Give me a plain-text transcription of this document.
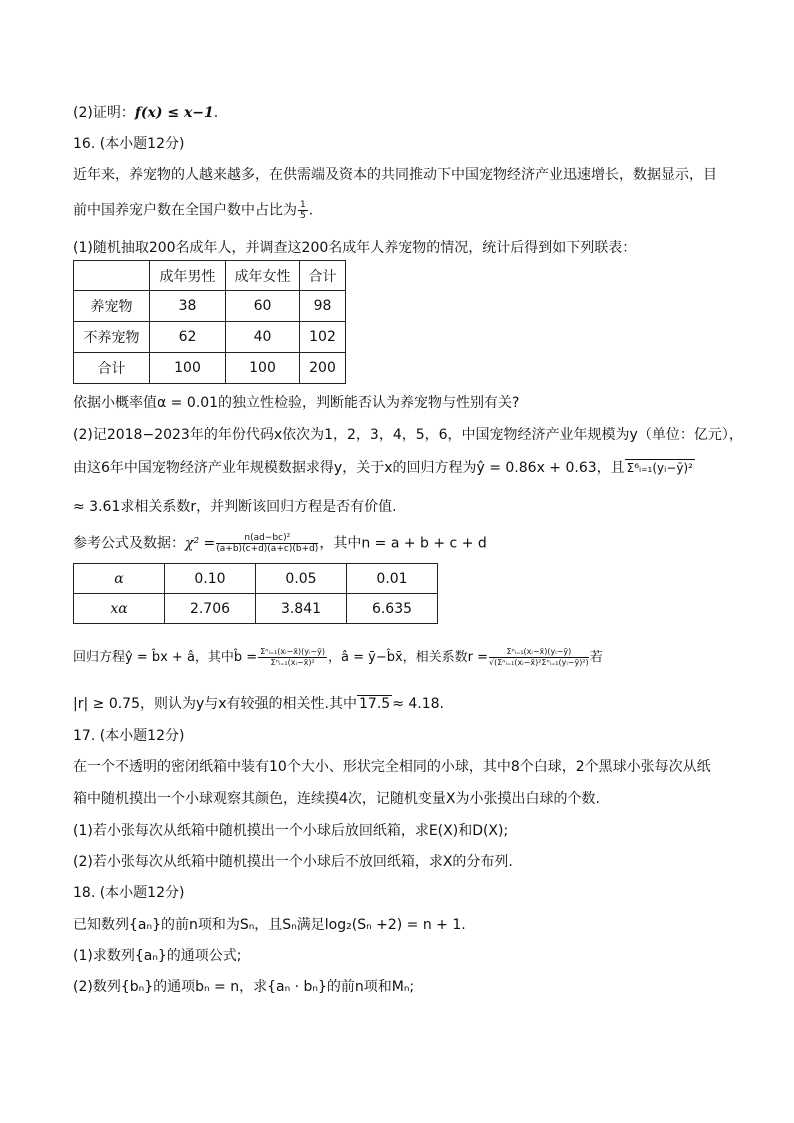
(2)证明：f(x) ≤ x−1.
16. (本小题12分)
近年来，养宠物的人越来越多，在供需端及资本的共同推动下中国宠物经济产业迅速增长，数据显示，目
前中国养宠户数在全国户数中占比为 $\frac{1}{5}$ .
(1)随机抽取200名成年人，并调查这200名成年人养宠物的情况，统计后得到如下列联表：
	成年男性	成年女性	合计
养宠物	38	60	98
不养宠物	62	40	102
合计	100	100	200
依据小概率值α = 0.01的独立性检验，判断能否认为养宠物与性别有关?
(2)记2018−2023年的年份代码x依次为1，2，3，4，5，6，中国宠物经济产业年规模为y（单位：亿元），
由这6年中国宠物经济产业年规模数据求得y，关于x的回归方程为ŷ = 0.86x + 0.63，且 Σ⁶ᵢ₌₁(yᵢ−ȳ)²
≈ 3.61求相关系数r，并判断该回归方程是否有价值.
参考公式及数据：$\chi^2 = \frac{\text{n(ad−bc)²}}{(a+b)(c+d)(a+c)(b+d)}$ ，其中n = a + b + c + d
α	0.10	0.05	0.01
xα	2.706	3.841	6.635
回归方程ŷ = b̂x + â，其中b̂ = $\frac{\text{Σⁿᵢ₌₁(xᵢ−x̄)(yᵢ−ȳ)}}{\text{Σⁿᵢ₌₁(xᵢ−x̄)²}}$ ，â = ȳ−b̂x̄，相关系数$r = \frac{\text{Σⁿᵢ₌₁(xᵢ−x̄)(yᵢ−ȳ)}}{\text{√(Σⁿᵢ₌₁(xᵢ−x̄)²Σⁿᵢ₌₁(yᵢ−ȳ)²)}}$ 若
|r| ≥ 0.75，则认为y与x有较强的相关性.其中 17.5 ≈ 4.18.
17. (本小题12分)
在一个不透明的密闭纸箱中装有10个大小、形状完全相同的小球，其中8个白球，2个黑球小张每次从纸
箱中随机摸出一个小球观察其颜色，连续摸4次，记随机变量X为小张摸出白球的个数.
(1)若小张每次从纸箱中随机摸出一个小球后放回纸箱，求E(X)和D(X);
(2)若小张每次从纸箱中随机摸出一个小球后不放回纸箱，求X的分布列.
18. (本小题12分)
已知数列{aₙ}的前n项和为Sₙ，且Sₙ满足log₂(Sₙ +2) = n + 1.
(1)求数列{aₙ}的通项公式;
(2)数列{bₙ}的通项bₙ = n，求{aₙ · bₙ}的前n项和Mₙ;
